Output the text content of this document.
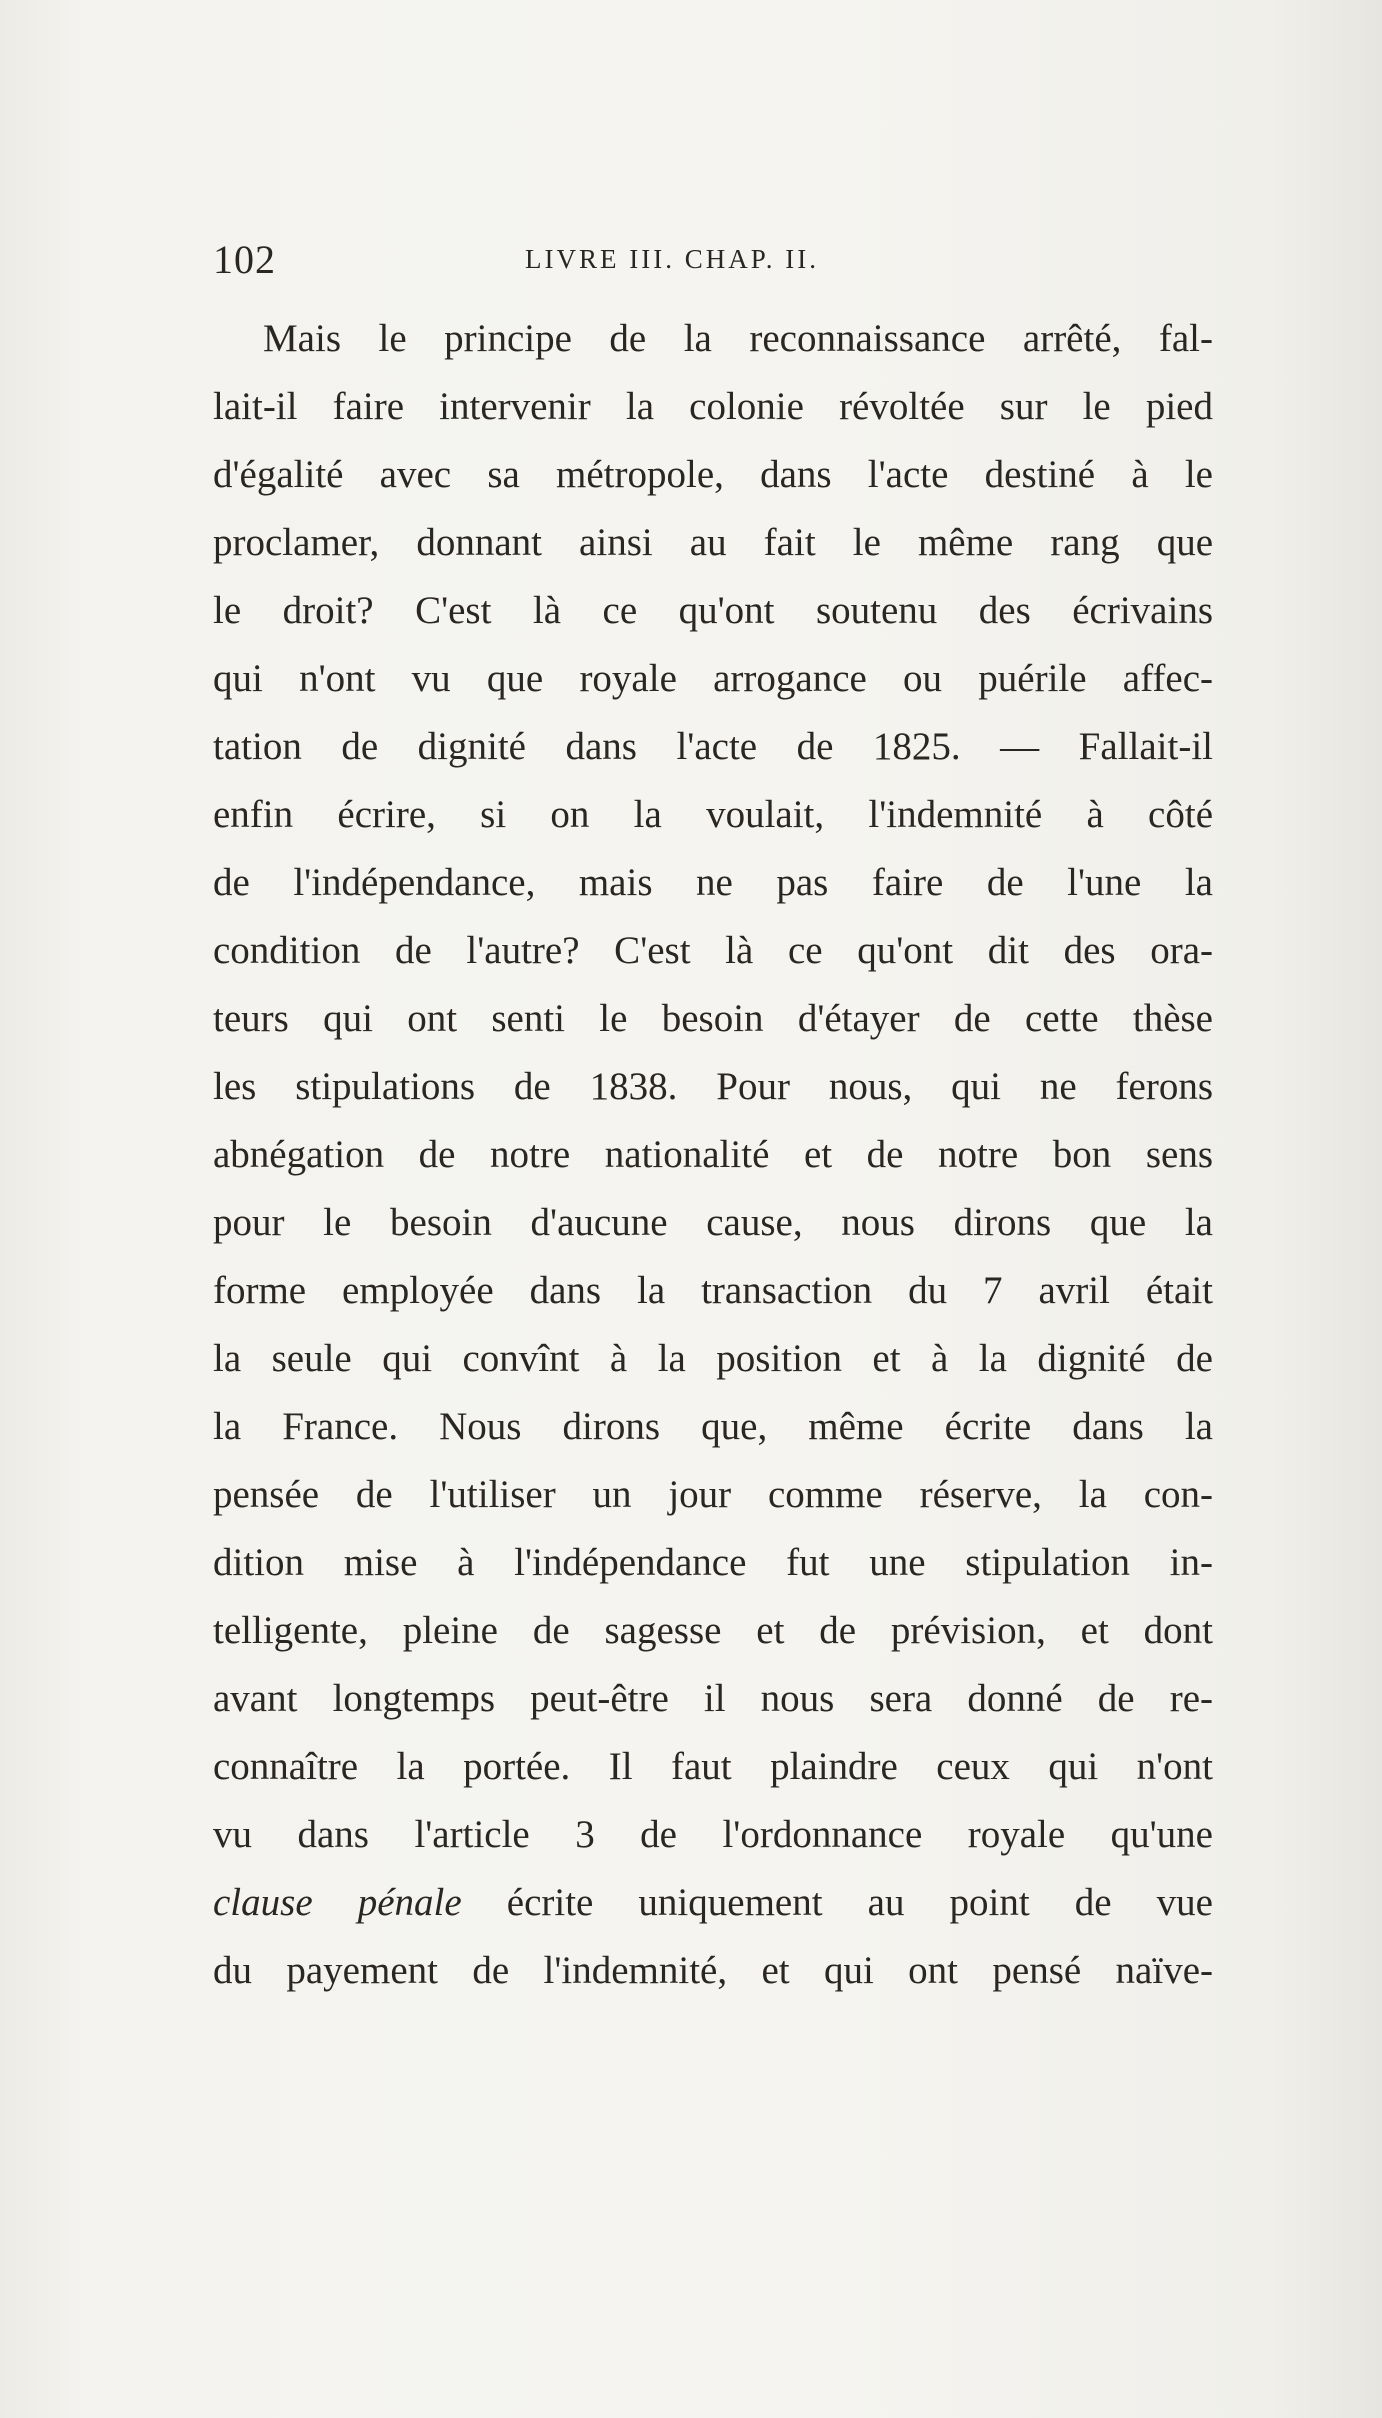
102	LIVRE III. CHAP. II.
Mais le principe de la reconnaissance arrêté, fal-
lait-il faire intervenir la colonie révoltée sur le pied
d'égalité avec sa métropole, dans l'acte destiné à le
proclamer, donnant ainsi au fait le même rang que
le droit? C'est là ce qu'ont soutenu des écrivains
qui n'ont vu que royale arrogance ou puérile affec-
tation de dignité dans l'acte de 1825. — Fallait-il
enfin écrire, si on la voulait, l'indemnité à côté
de l'indépendance, mais ne pas faire de l'une la
condition de l'autre? C'est là ce qu'ont dit des ora-
teurs qui ont senti le besoin d'étayer de cette thèse
les stipulations de 1838. Pour nous, qui ne ferons
abnégation de notre nationalité et de notre bon sens
pour le besoin d'aucune cause, nous dirons que la
forme employée dans la transaction du 7 avril était
la seule qui convînt à la position et à la dignité de
la France. Nous dirons que, même écrite dans la
pensée de l'utiliser un jour comme réserve, la con-
dition mise à l'indépendance fut une stipulation in-
telligente, pleine de sagesse et de prévision, et dont
avant longtemps peut-être il nous sera donné de re-
connaître la portée. Il faut plaindre ceux qui n'ont
vu dans l'article 3 de l'ordonnance royale qu'une
clause pénale écrite uniquement au point de vue
du payement de l'indemnité, et qui ont pensé naïve-
